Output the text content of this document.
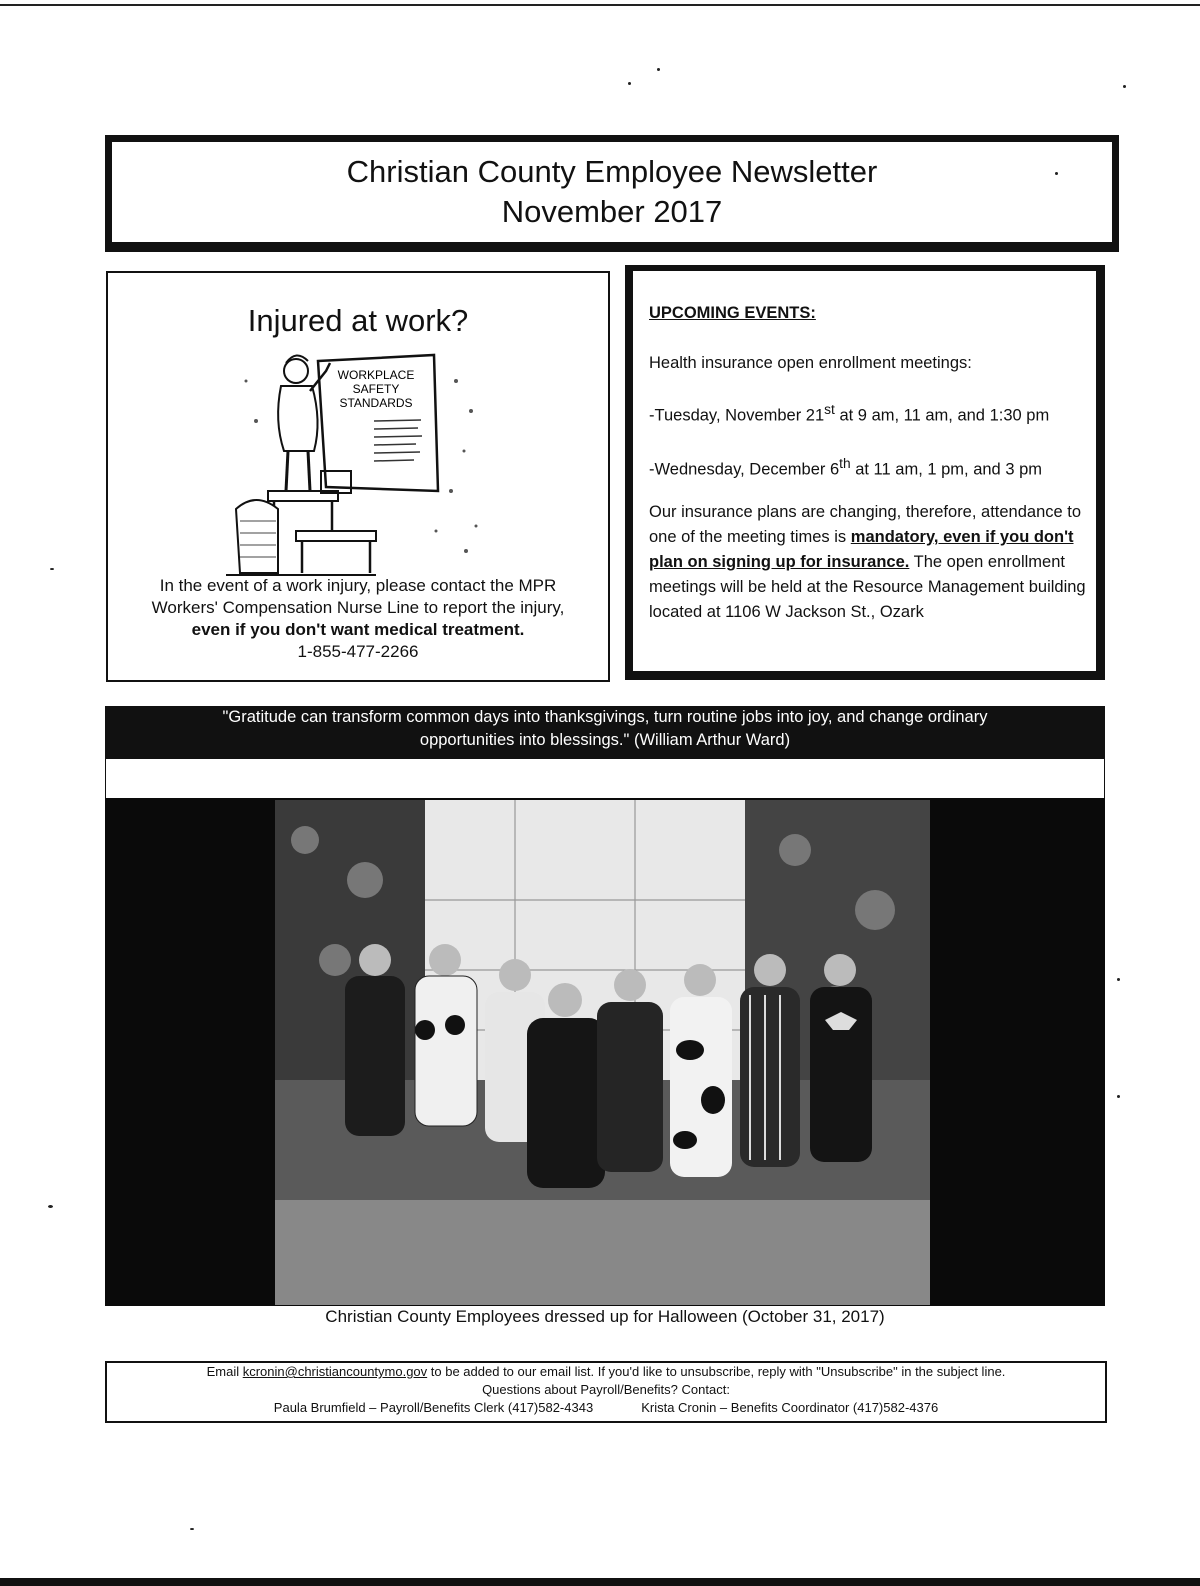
Christian County Employee Newsletter
November 2017
Injured at work?
WORKPLACE
SAFETY
STANDARDS
In the event of a work injury, please contact the MPR
Workers' Compensation Nurse Line to report the injury,
even if you don't want medical treatment.
1-855-477-2266
UPCOMING EVENTS:
Health insurance open enrollment meetings:
-Tuesday, November 21st at 9 am, 11 am, and 1:30 pm
-Wednesday, December 6th at 11 am, 1 pm, and 3 pm
Our insurance plans are changing, therefore, attendance to one of the meeting times is mandatory, even if you don't plan on signing up for insurance. The open enrollment meetings will be held at the Resource Management building located at 1106 W Jackson St., Ozark
"Gratitude can transform common days into thanksgivings, turn routine jobs into joy, and change ordinary
opportunities into blessings." (William Arthur Ward)
Christian County Employees dressed up for Halloween (October 31, 2017)
Email kcronin@christiancountymo.gov to be added to our email list. If you'd like to unsubscribe, reply with "Unsubscribe" in the subject line.
Questions about Payroll/Benefits? Contact:
Paula Brumfield – Payroll/Benefits Clerk (417)582-4343	Krista Cronin – Benefits Coordinator (417)582-4376
